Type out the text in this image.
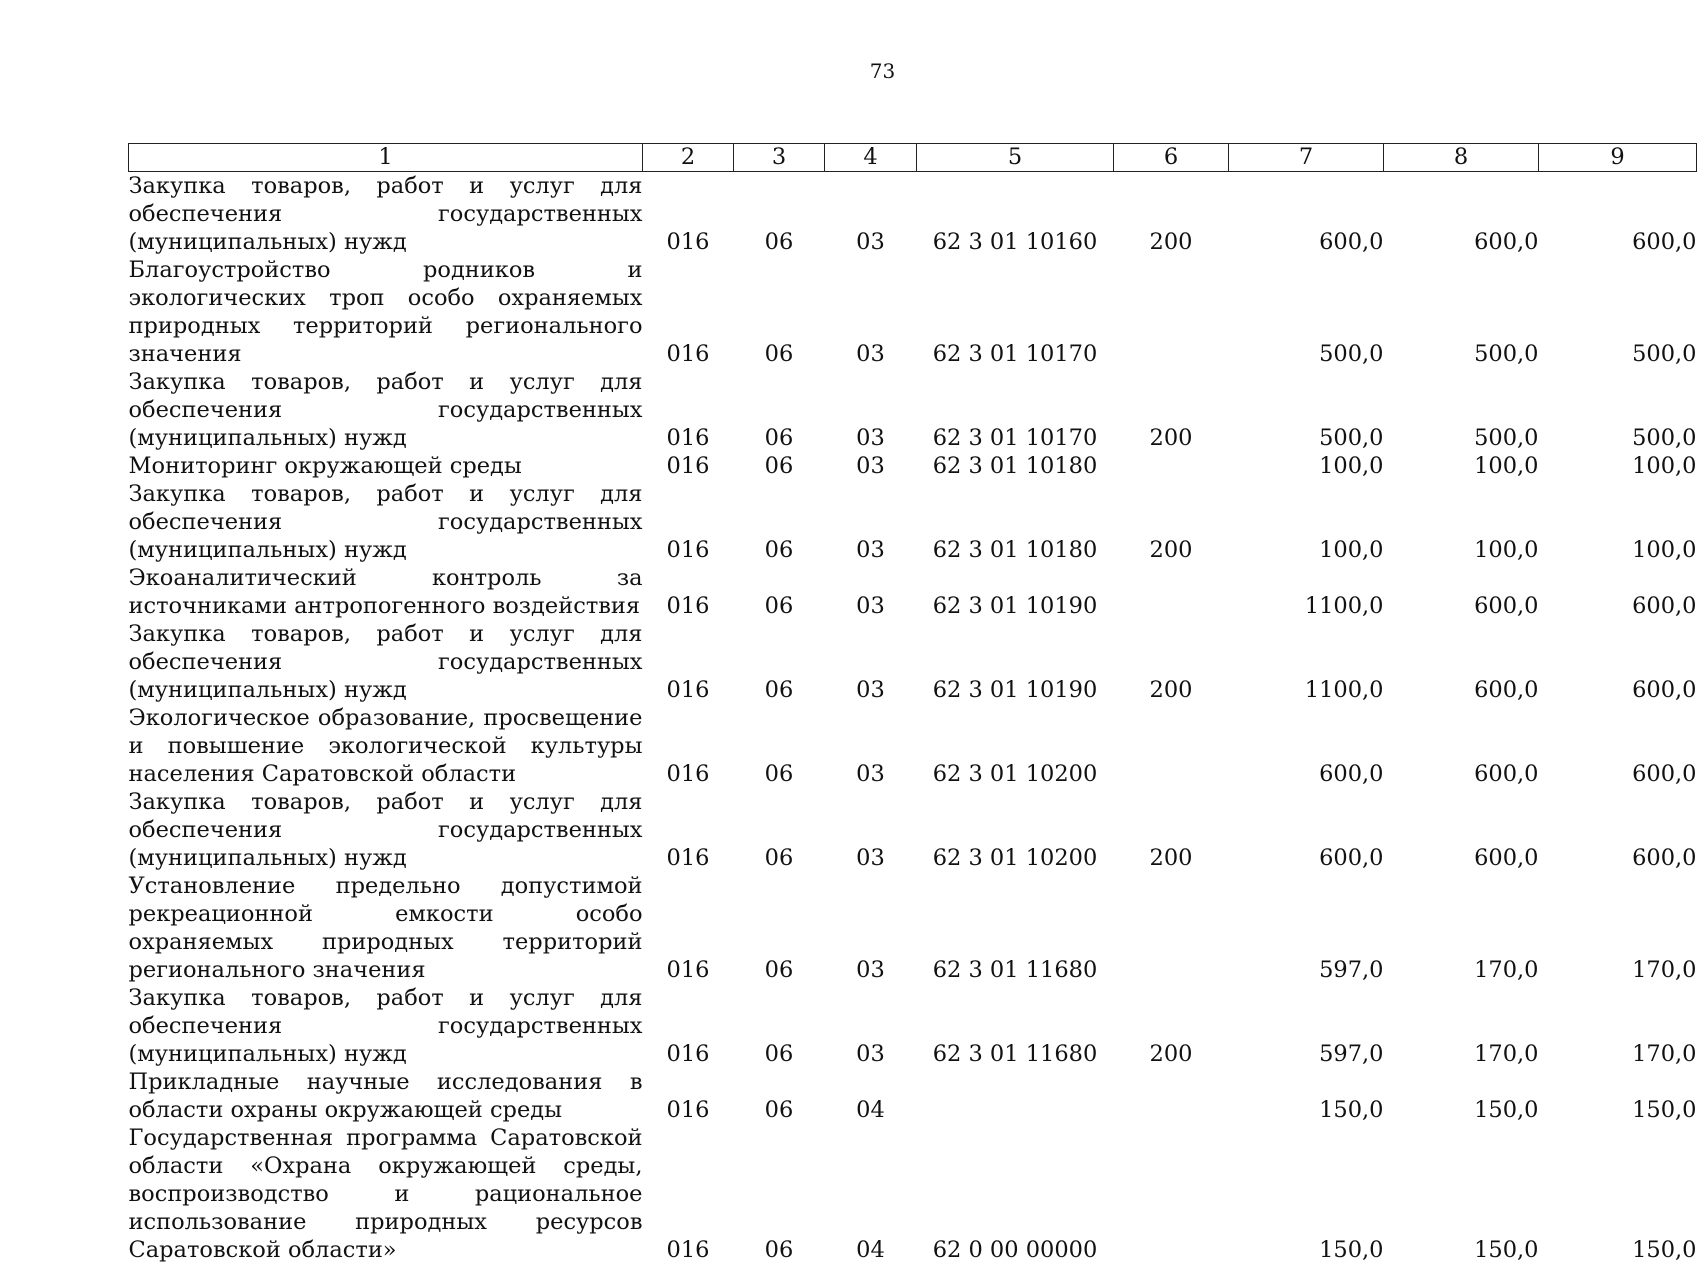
73
1	2	3	4	5	6	7	8	9
Закупка товаров, работ и услуг для обеспечения государственных (муниципальных) нужд	016	06	03	62 3 01 10160	200	600,0	600,0	600,0
Благоустройство родников и экологических троп особо охраняемых природных территорий регионального значения	016	06	03	62 3 01 10170		500,0	500,0	500,0
Закупка товаров, работ и услуг для обеспечения государственных (муниципальных) нужд	016	06	03	62 3 01 10170	200	500,0	500,0	500,0
Мониторинг окружающей среды	016	06	03	62 3 01 10180		100,0	100,0	100,0
Закупка товаров, работ и услуг для обеспечения государственных (муниципальных) нужд	016	06	03	62 3 01 10180	200	100,0	100,0	100,0
Экоаналитический контроль за источниками антропогенного воздействия	016	06	03	62 3 01 10190		1100,0	600,0	600,0
Закупка товаров, работ и услуг для обеспечения государственных (муниципальных) нужд	016	06	03	62 3 01 10190	200	1100,0	600,0	600,0
Экологическое образование, просвещение и повышение экологической культуры населения Саратовской области	016	06	03	62 3 01 10200		600,0	600,0	600,0
Закупка товаров, работ и услуг для обеспечения государственных (муниципальных) нужд	016	06	03	62 3 01 10200	200	600,0	600,0	600,0
Установление предельно допустимой рекреационной емкости особо охраняемых природных территорий регионального значения	016	06	03	62 3 01 11680		597,0	170,0	170,0
Закупка товаров, работ и услуг для обеспечения государственных (муниципальных) нужд	016	06	03	62 3 01 11680	200	597,0	170,0	170,0
Прикладные научные исследования в области охраны окружающей среды	016	06	04			150,0	150,0	150,0
Государственная программа Саратовской области «Охрана окружающей среды, воспроизводство и рациональное использование природных ресурсов Саратовской области»	016	06	04	62 0 00 00000		150,0	150,0	150,0
